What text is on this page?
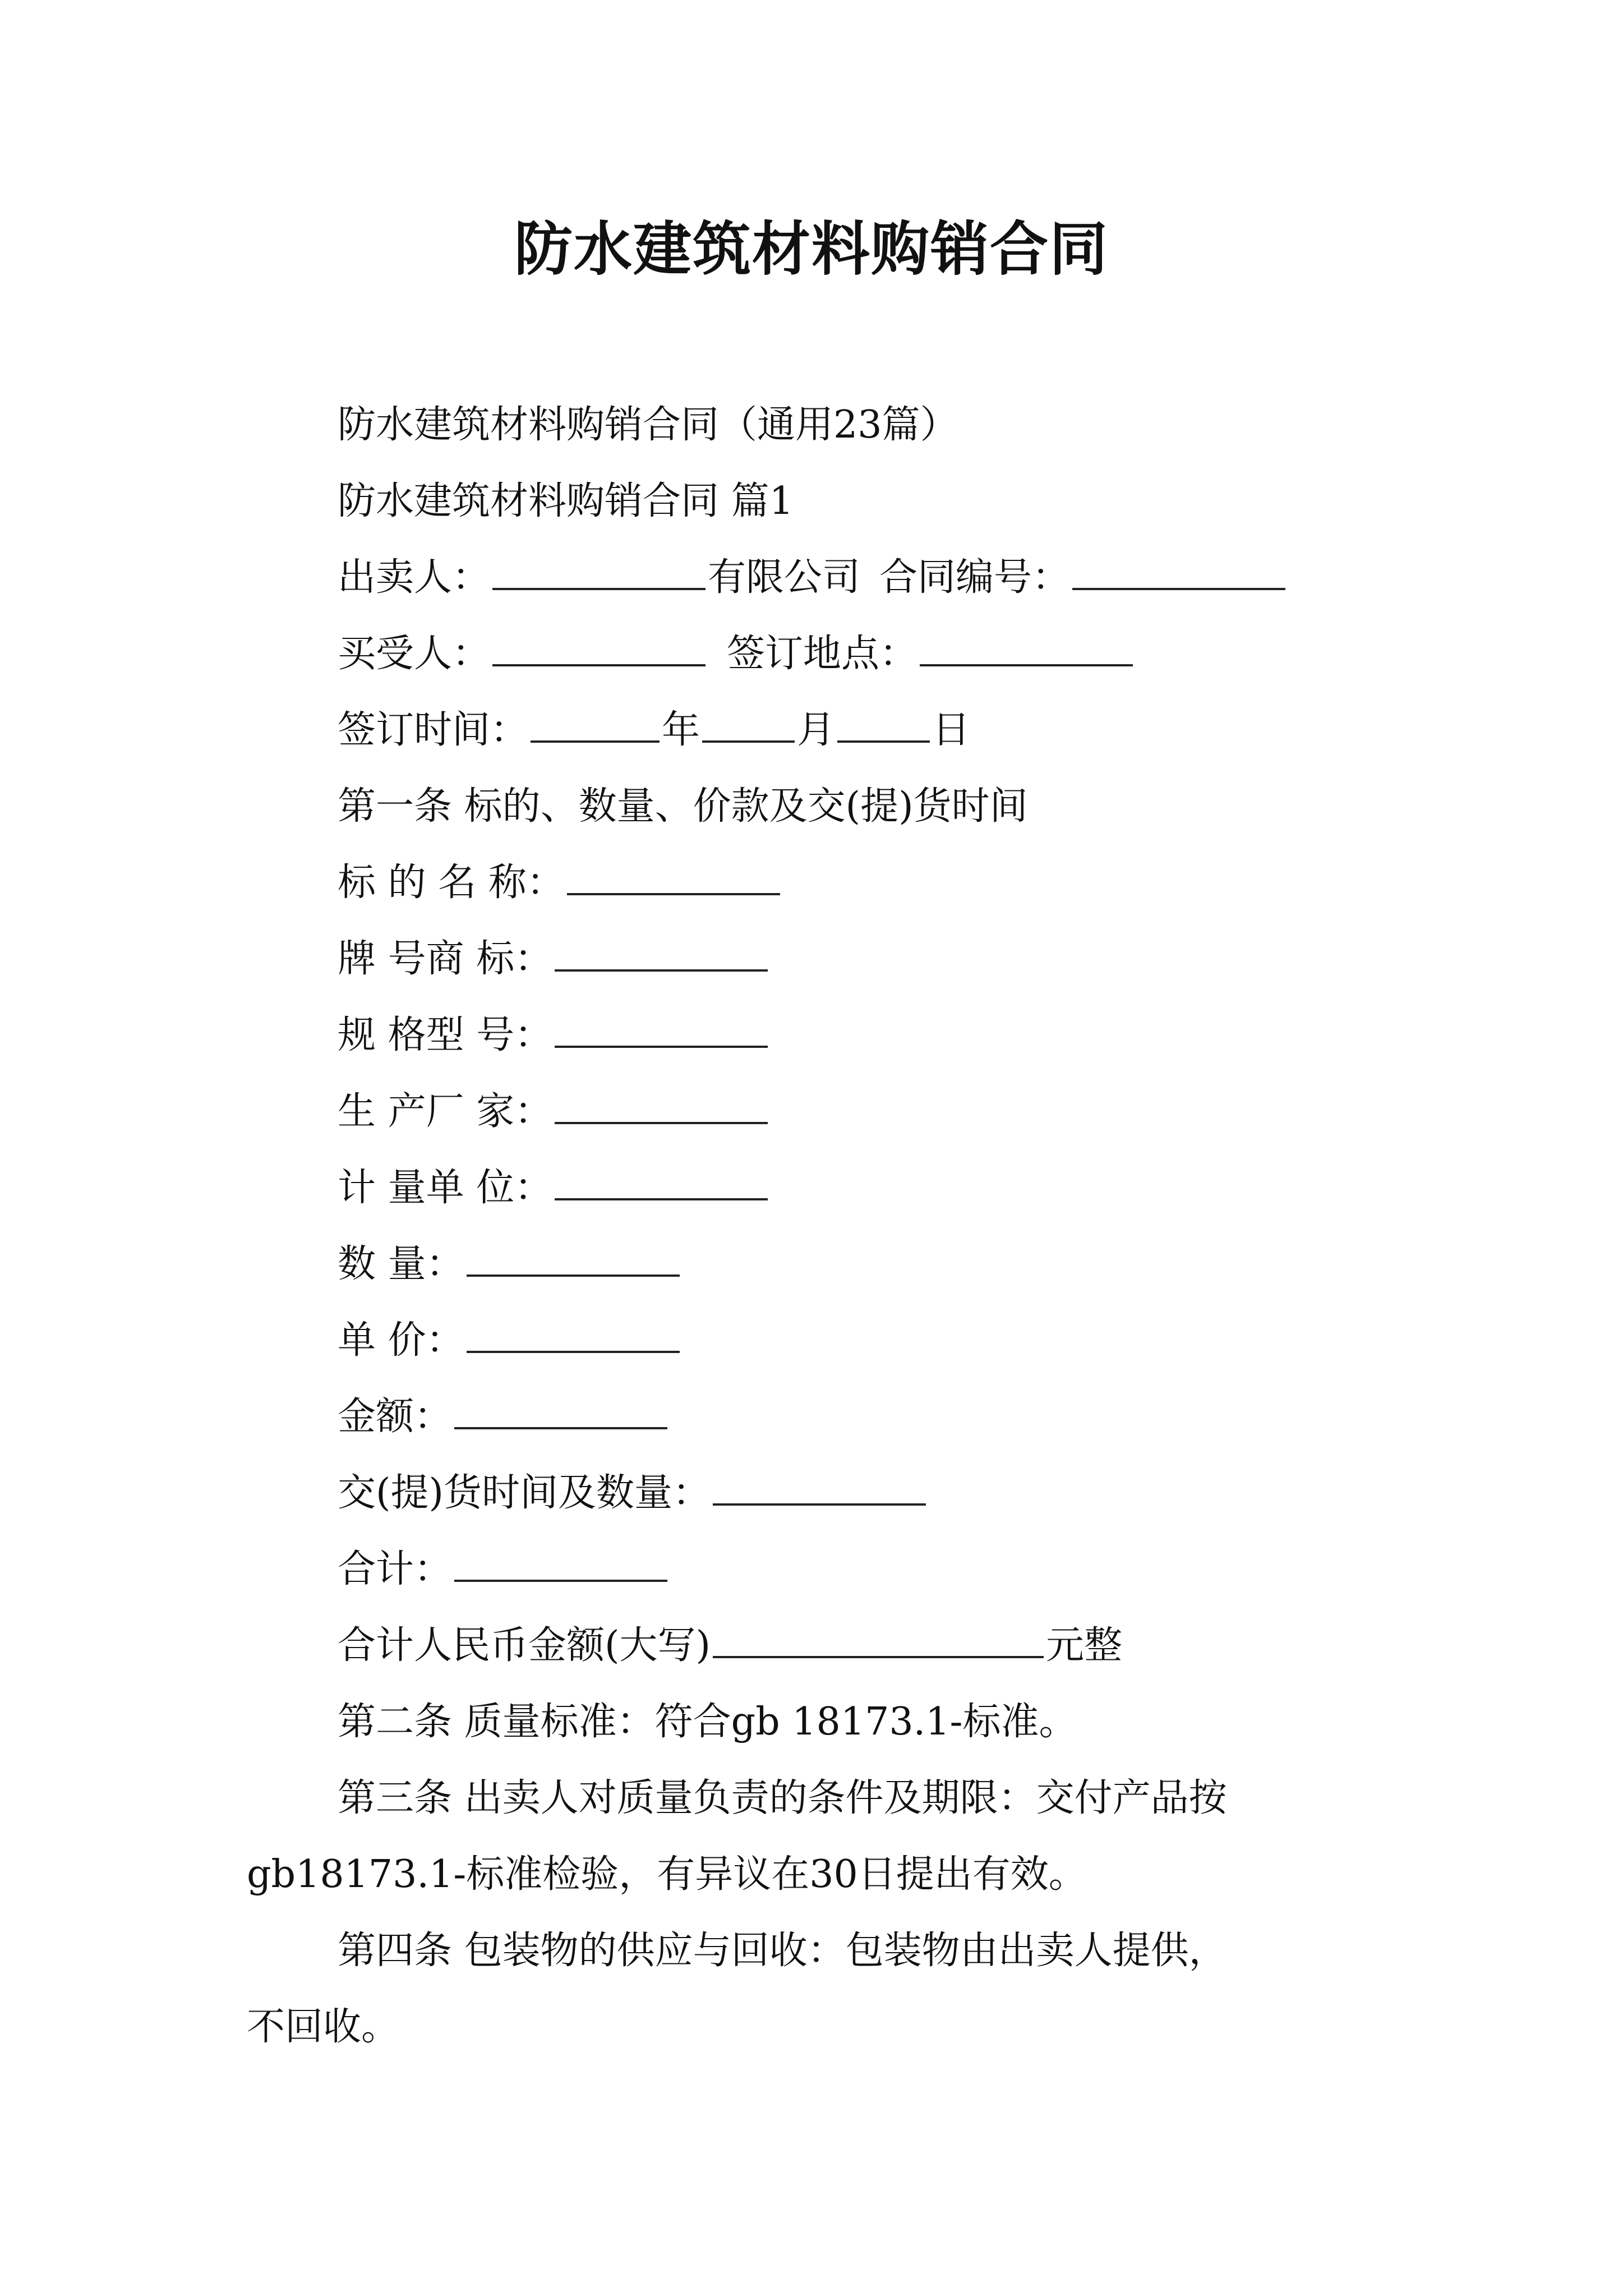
防水建筑材料购销合同
防水建筑材料购销合同（通用23篇）
防水建筑材料购销合同 篇1
出卖人：	有限公司 合同编号：
买受人：	签订地点：
签订时间：	年	月	日
第一条 标的、数量、价款及交(提)货时间
标 的 名 称：
牌 号商 标：
规 格型 号：
生 产厂 家：
计 量单 位：
数 量：
单 价：
金额：
交(提)货时间及数量：
合计：
合计人民币金额(大写)	元整
第二条 质量标准：符合gb 18173.1-标准。
第三条 出卖人对质量负责的条件及期限：交付产品按
gb18173.1-标准检验，有异议在30日提出有效。
第四条 包装物的供应与回收：包装物由出卖人提供，
不回收。
